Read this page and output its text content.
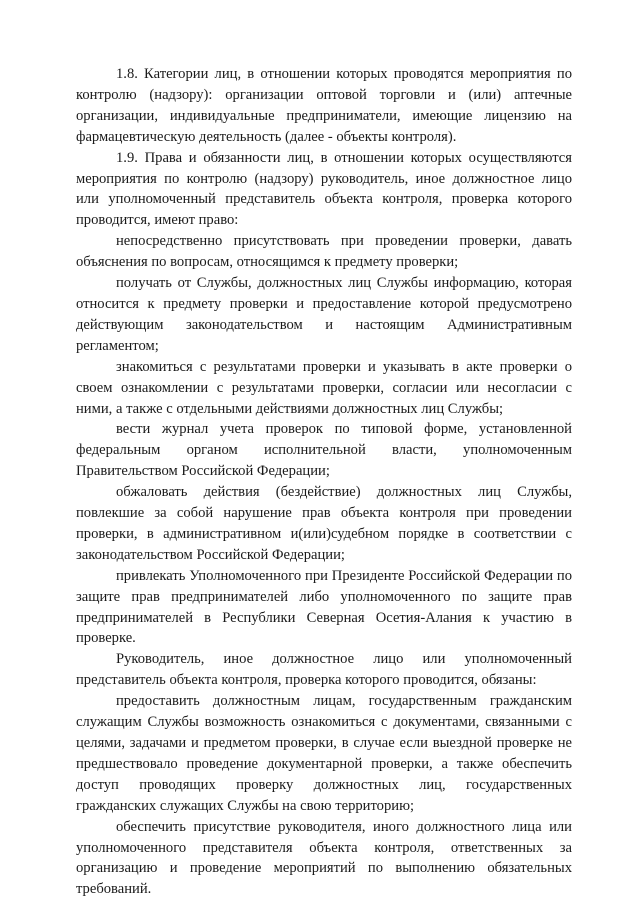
1.8. Категории лиц, в отношении которых проводятся мероприятия по контролю (надзору): организации оптовой торговли и (или) аптечные организации, индивидуальные предприниматели, имеющие лицензию на фармацевтическую деятельность (далее - объекты контроля).

1.9. Права и обязанности лиц, в отношении которых осуществляются мероприятия по контролю (надзору) руководитель, иное должностное лицо или уполномоченный представитель объекта контроля, проверка которого проводится, имеют право:

непосредственно присутствовать при проведении проверки, давать объяснения по вопросам, относящимся к предмету проверки;

получать от Службы, должностных лиц Службы информацию, которая относится к предмету проверки и предоставление которой предусмотрено действующим законодательством и настоящим Административным регламентом;

знакомиться с результатами проверки и указывать в акте проверки о своем ознакомлении с результатами проверки, согласии или несогласии с ними, а также с отдельными действиями должностных лиц Службы;

вести журнал учета проверок по типовой форме, установленной федеральным органом исполнительной власти, уполномоченным Правительством Российской Федерации;

обжаловать действия (бездействие) должностных лиц Службы, повлекшие за собой нарушение прав объекта контроля при проведении проверки, в административном и(или)судебном порядке в соответствии с законодательством Российской Федерации;

привлекать Уполномоченного при Президенте Российской Федерации по защите прав предпринимателей либо уполномоченного по защите прав предпринимателей в Республики Северная Осетия-Алания к участию в проверке.

Руководитель, иное должностное лицо или уполномоченный представитель объекта контроля, проверка которого проводится, обязаны:

предоставить должностным лицам, государственным гражданским служащим Службы возможность ознакомиться с документами, связанными с целями, задачами и предметом проверки, в случае если выездной проверке не предшествовало проведение документарной проверки, а также обеспечить доступ проводящих проверку должностных лиц, государственных гражданских служащих Службы на свою территорию;

обеспечить присутствие руководителя, иного должностного лица или уполномоченного представителя объекта контроля, ответственных за организацию и проведение мероприятий по выполнению обязательных требований.
